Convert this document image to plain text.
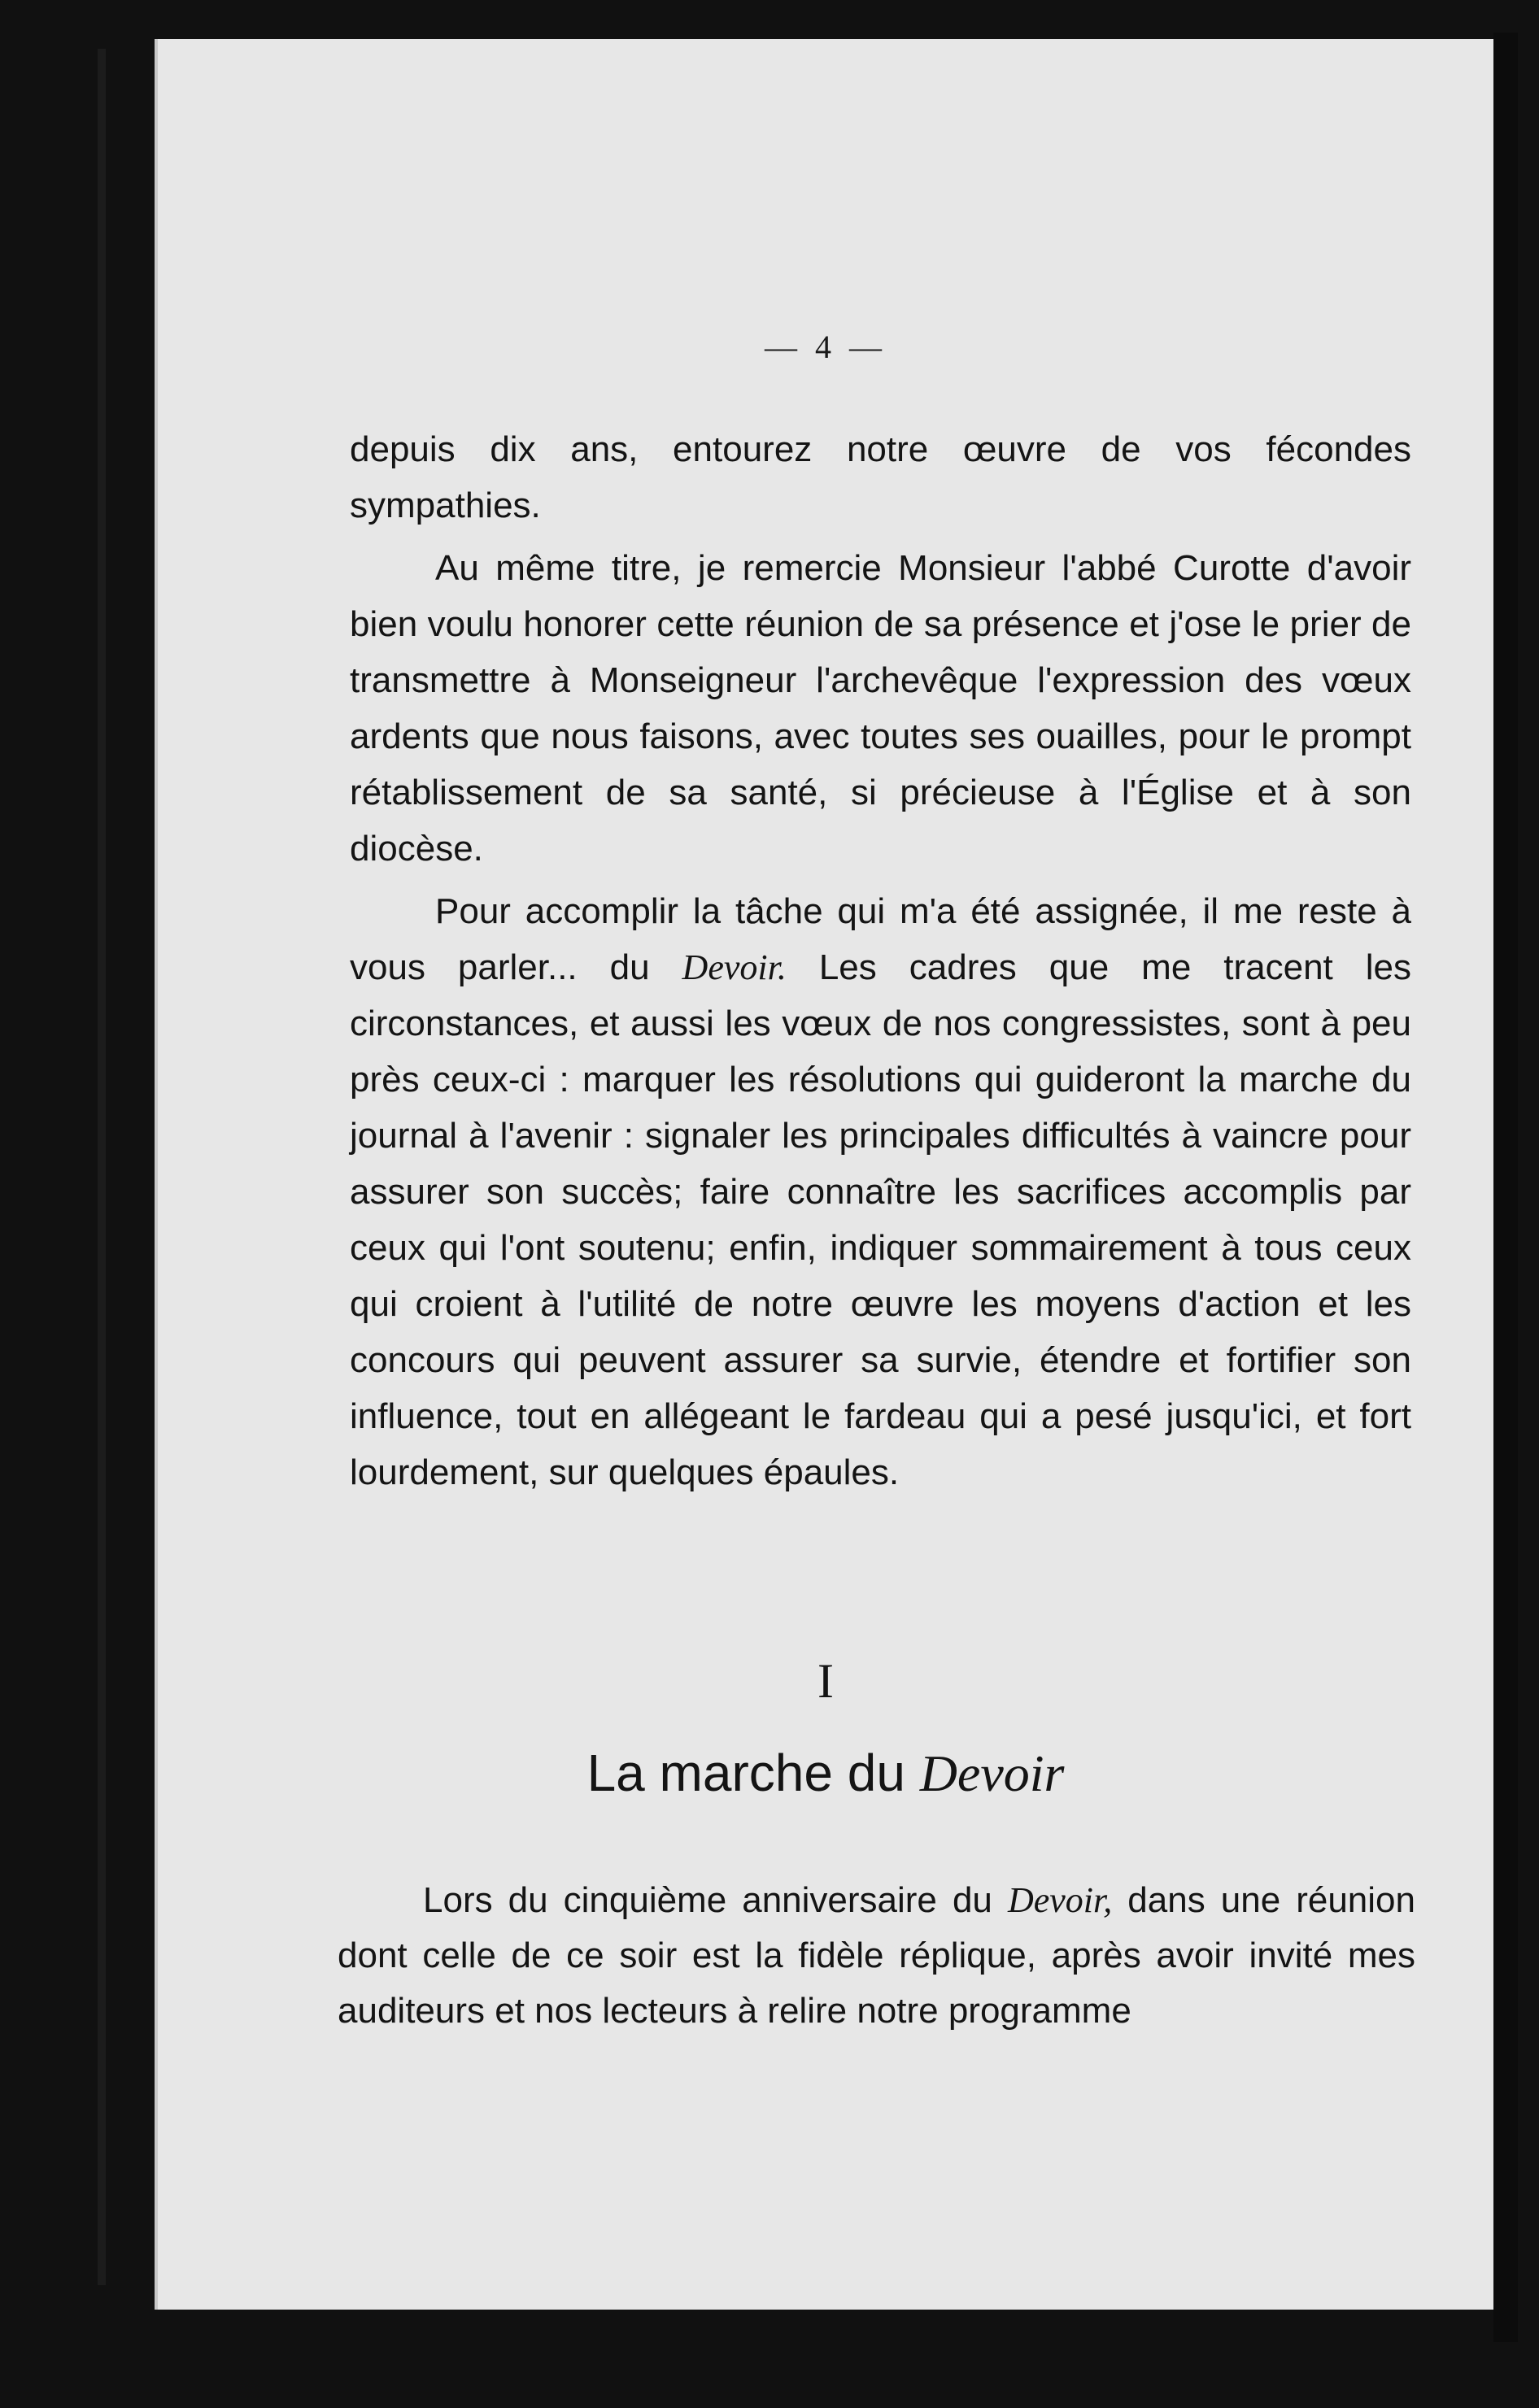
— 4 —

depuis dix ans, entourez notre œuvre de vos fécondes sympathies.

Au même titre, je remercie Monsieur l'abbé Curotte d'avoir bien voulu honorer cette réunion de sa présence et j'ose le prier de transmettre à Monseigneur l'archevêque l'expression des vœux ardents que nous faisons, avec toutes ses ouailles, pour le prompt rétablissement de sa santé, si précieuse à l'Église et à son diocèse.

Pour accomplir la tâche qui m'a été assignée, il me reste à vous parler... du Devoir. Les cadres que me tracent les circonstances, et aussi les vœux de nos congressistes, sont à peu près ceux-ci : marquer les résolutions qui guideront la marche du journal à l'avenir : signaler les principales difficultés à vaincre pour assurer son succès; faire connaître les sacrifices accomplis par ceux qui l'ont soutenu; enfin, indiquer sommairement à tous ceux qui croient à l'utilité de notre œuvre les moyens d'action et les concours qui peuvent assurer sa survie, étendre et fortifier son influence, tout en allégeant le fardeau qui a pesé jusqu'ici, et fort lourdement, sur quelques épaules.

I
La marche du Devoir

Lors du cinquième anniversaire du Devoir, dans une réunion dont celle de ce soir est la fidèle réplique, après avoir invité mes auditeurs et nos lecteurs à relire notre programme
